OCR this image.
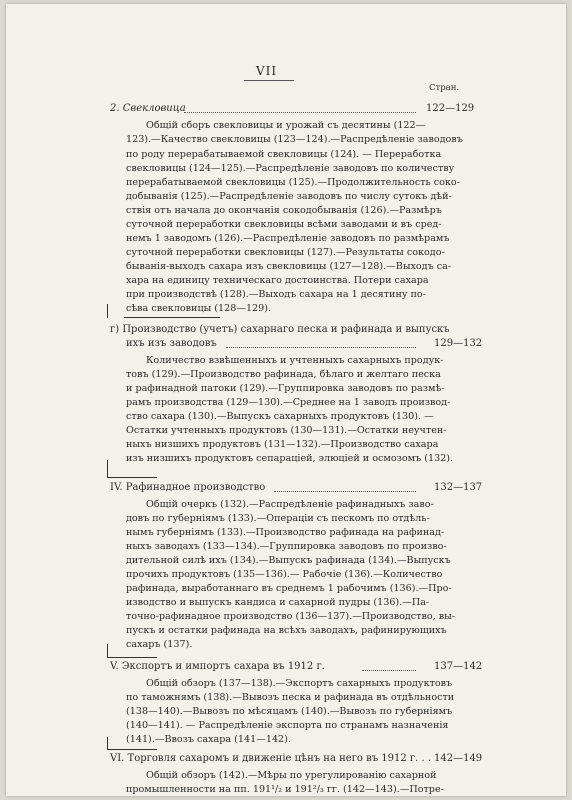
VII
Стран.
2. Свекловица	122—129
Общiй сборъ свекловицы и урожай съ десятины (122—
123).—Качество свекловицы (123—124).—Распредѣленiе заводовъ
по роду перерабатываемой свекловицы (124). — Переработка
свекловицы (124—125).—Распредѣленiе заводовъ по количеству
перерабатываемой свекловицы (125).—Продолжительность сoко-
добыванiя (125).—Распредѣленiе заводовъ по числу сутокъ дѣй-
ствiя отъ начала до окончанiя сокодобыванiя (126).—Размѣръ
суточной переработки свекловицы всѣми заводами и въ сред-
немъ 1 заводомъ (126).—Распредѣленiе заводовъ по размѣрамъ
суточной переработки свекловицы (127).—Результаты сокодо-
быванiя-выходъ сахара изъ свекловицы (127—128).—Выходъ са-
хара на единицу техническаго достоинства. Потери сахара
при производствѣ (128).—Выходъ сахара на 1 десятину по-
сѣва свекловицы (128—129).
г) Производство (учетъ) сахарнаго песка и рафинада и выпускъ
ихъ изъ заводовъ	129—132
Количество взвѣшенныхъ и учтенныхъ сахарныхъ продук-
товъ (129).—Производство рафинада, бѣлаго и желтаго песка
и рафинадной патоки (129).—Группировка заводовъ по размѣ-
рамъ производства (129—130).—Среднее на 1 заводъ производ-
ство сахара (130).—Выпускъ сахарныхъ продуктовъ (130). —
Остатки учтенныхъ продуктовъ (130—131).—Остатки неучтен-
ныхъ низшихъ продуктовъ (131—132).—Производство сахара
изъ низшихъ продуктовъ сепарацiей, элюцiей и осмозомъ (132).
IV. Рафинадное производство	132—137
Общiй очеркъ (132).—Распредѣленiе рафинадныхъ заво-
довъ по губернiямъ (133).—Операцiи съ пескомъ по отдѣль-
нымъ губернiямъ (133).—Производство рафинада на рафинад-
ныхъ заводахъ (133—134).—Группировка заводовъ по произво-
дительной силѣ ихъ (134).—Выпускъ рафинада (134).—Выпускъ
прочихъ продуктовъ (135—136).— Рабочiе (136).—Количество
рафинада, выработаннаго въ среднемъ 1 рабочимъ (136).—Про-
изводство и выпускъ кандиса и сахарной пудры (136).—Па-
точно-рафинадное производство (136—137).—Производство, вы-
пускъ и остатки рафинада на всѣхъ заводахъ, рафинирующихъ
сахаръ (137).
V. Экспортъ и импортъ сахара въ 1912 г.	137—142
Общiй обзоръ (137—138).—Экспортъ сахарныхъ продуктовъ
по таможнямъ (138).—Вывозъ песка и рафинада въ отдѣльности
(138—140).—Вывозъ по мѣсяцамъ (140).—Вывозъ по губернiямъ
(140—141). — Распредѣленiе экспорта по странамъ назначенiя
(141).—Ввозъ сахара (141—142).
VI. Торговля сахаромъ и движенiе цѣнъ на него въ 1912 г. . . 142—149
Общiй обзоръ (142).—Мѣры по урегулированiю сахарной
промышленности на пп. 191¹/₂ и 191²/₃ гг. (142—143).—Потре-
